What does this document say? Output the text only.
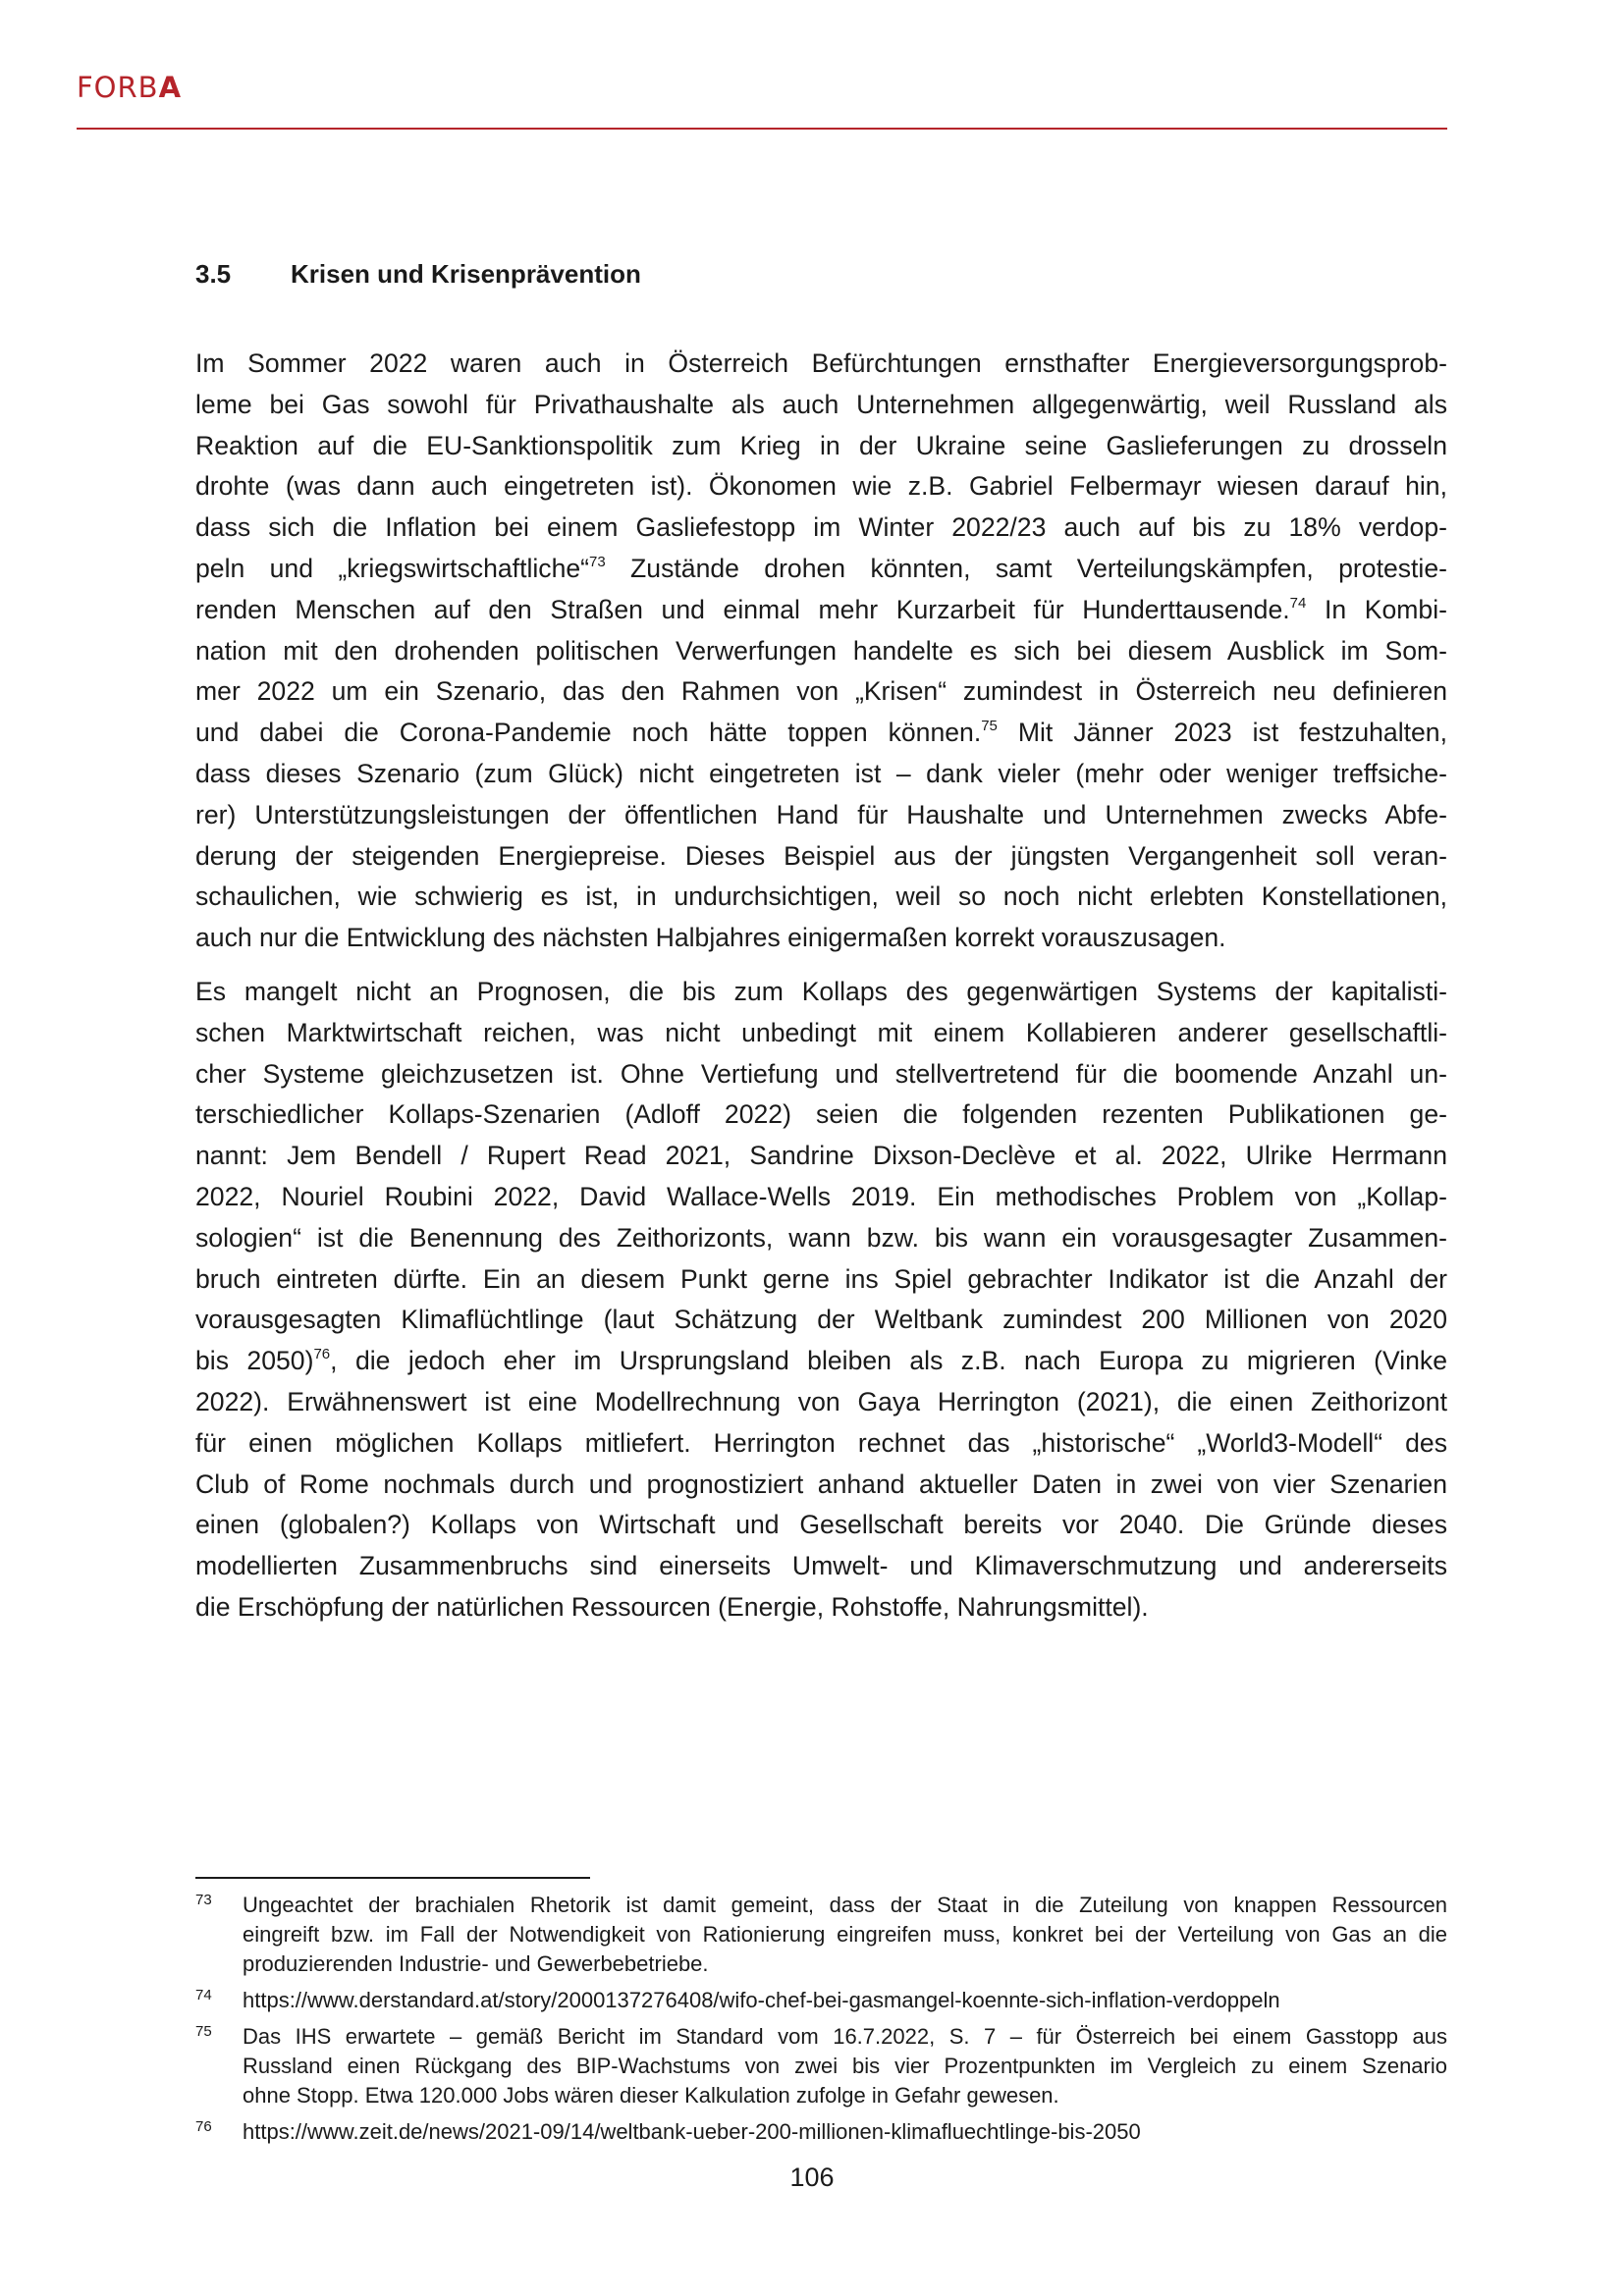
FORBA
3.5 Krisen und Krisenprävention

Im Sommer 2022 waren auch in Österreich Befürchtungen ernsthafter Energieversorgungsprob-
leme bei Gas sowohl für Privathaushalte als auch Unternehmen allgegenwärtig, weil Russland als
Reaktion auf die EU-Sanktionspolitik zum Krieg in der Ukraine seine Gaslieferungen zu drosseln
drohte (was dann auch eingetreten ist). Ökonomen wie z.B. Gabriel Felbermayr wiesen darauf hin,
dass sich die Inflation bei einem Gasliefestopp im Winter 2022/23 auch auf bis zu 18% verdop-
peln und „kriegswirtschaftliche“$^{73}$ Zustände drohen könnten, samt Verteilungskämpfen, protestie-
renden Menschen auf den Straßen und einmal mehr Kurzarbeit für Hunderttausende.$^{74}$ In Kombi-
nation mit den drohenden politischen Verwerfungen handelte es sich bei diesem Ausblick im Som-
mer 2022 um ein Szenario, das den Rahmen von „Krisen“ zumindest in Österreich neu definieren
und dabei die Corona-Pandemie noch hätte toppen können.$^{75}$ Mit Jänner 2023 ist festzuhalten,
dass dieses Szenario (zum Glück) nicht eingetreten ist – dank vieler (mehr oder weniger treffsiche-
rer) Unterstützungsleistungen der öffentlichen Hand für Haushalte und Unternehmen zwecks Abfe-
derung der steigenden Energiepreise. Dieses Beispiel aus der jüngsten Vergangenheit soll veran-
schaulichen, wie schwierig es ist, in undurchsichtigen, weil so noch nicht erlebten Konstellationen,
auch nur die Entwicklung des nächsten Halbjahres einigermaßen korrekt vorauszusagen.

Es mangelt nicht an Prognosen, die bis zum Kollaps des gegenwärtigen Systems der kapitalisti-
schen Marktwirtschaft reichen, was nicht unbedingt mit einem Kollabieren anderer gesellschaftli-
cher Systeme gleichzusetzen ist. Ohne Vertiefung und stellvertretend für die boomende Anzahl un-
terschiedlicher Kollaps-Szenarien (Adloff 2022) seien die folgenden rezenten Publikationen ge-
nannt: Jem Bendell / Rupert Read 2021, Sandrine Dixson-Declève et al. 2022, Ulrike Herrmann
2022, Nouriel Roubini 2022, David Wallace-Wells 2019. Ein methodisches Problem von „Kollap-
sologien“ ist die Benennung des Zeithorizonts, wann bzw. bis wann ein vorausgesagter Zusammen-
bruch eintreten dürfte. Ein an diesem Punkt gerne ins Spiel gebrachter Indikator ist die Anzahl der
vorausgesagten Klimaflüchtlinge (laut Schätzung der Weltbank zumindest 200 Millionen von 2020
bis 2050)$^{76}$, die jedoch eher im Ursprungsland bleiben als z.B. nach Europa zu migrieren (Vinke
2022). Erwähnenswert ist eine Modellrechnung von Gaya Herrington (2021), die einen Zeithorizont
für einen möglichen Kollaps mitliefert. Herrington rechnet das „historische“ „World3-Modell“ des
Club of Rome nochmals durch und prognostiziert anhand aktueller Daten in zwei von vier Szenarien
einen (globalen?) Kollaps von Wirtschaft und Gesellschaft bereits vor 2040. Die Gründe dieses
modellierten Zusammenbruchs sind einerseits Umwelt- und Klimaverschmutzung und andererseits
die Erschöpfung der natürlichen Ressourcen (Energie, Rohstoffe, Nahrungsmittel).

73 Ungeachtet der brachialen Rhetorik ist damit gemeint, dass der Staat in die Zuteilung von knappen Ressourcen
eingreift bzw. im Fall der Notwendigkeit von Rationierung eingreifen muss, konkret bei der Verteilung von Gas an die
produzierenden Industrie- und Gewerbebetriebe.
74 https://www.derstandard.at/story/2000137276408/wifo-chef-bei-gasmangel-koennte-sich-inflation-verdoppeln
75 Das IHS erwartete – gemäß Bericht im Standard vom 16.7.2022, S. 7 – für Österreich bei einem Gasstopp aus
Russland einen Rückgang des BIP-Wachstums von zwei bis vier Prozentpunkten im Vergleich zu einem Szenario
ohne Stopp. Etwa 120.000 Jobs wären dieser Kalkulation zufolge in Gefahr gewesen.
76 https://www.zeit.de/news/2021-09/14/weltbank-ueber-200-millionen-klimafluechtlinge-bis-2050
106
